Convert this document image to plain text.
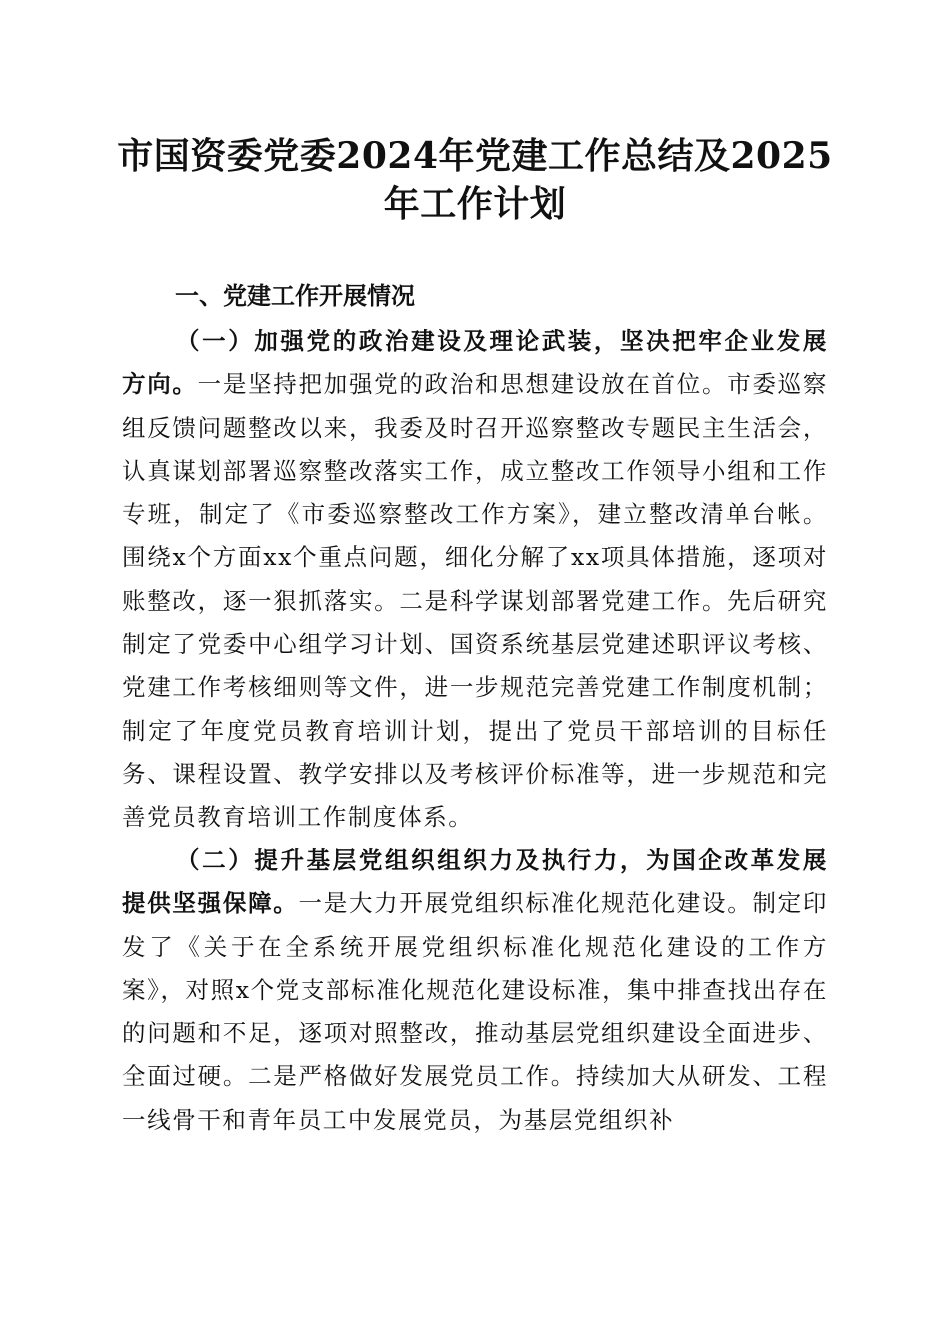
市国资委党委2024年党建工作总结及2025年工作计划
一、党建工作开展情况

（一）加强党的政治建设及理论武装，坚决把牢企业发展方向。一是坚持把加强党的政治和思想建设放在首位。市委巡察组反馈问题整改以来，我委及时召开巡察整改专题民主生活会，认真谋划部署巡察整改落实工作，成立整改工作领导小组和工作专班，制定了《市委巡察整改工作方案》，建立整改清单台帐。围绕x个方面xx个重点问题，细化分解了xx项具体措施，逐项对账整改，逐一狠抓落实。二是科学谋划部署党建工作。先后研究制定了党委中心组学习计划、国资系统基层党建述职评议考核、党建工作考核细则等文件，进一步规范完善党建工作制度机制；制定了年度党员教育培训计划，提出了党员干部培训的目标任务、课程设置、教学安排以及考核评价标准等，进一步规范和完善党员教育培训工作制度体系。

（二）提升基层党组织组织力及执行力，为国企改革发展提供坚强保障。一是大力开展党组织标准化规范化建设。制定印发了《关于在全系统开展党组织标准化规范化建设的工作方案》，对照x个党支部标准化规范化建设标准，集中排查找出存在的问题和不足，逐项对照整改，推动基层党组织建设全面进步、全面过硬。二是严格做好发展党员工作。持续加大从研发、工程一线骨干和青年员工中发展党员，为基层党组织补
